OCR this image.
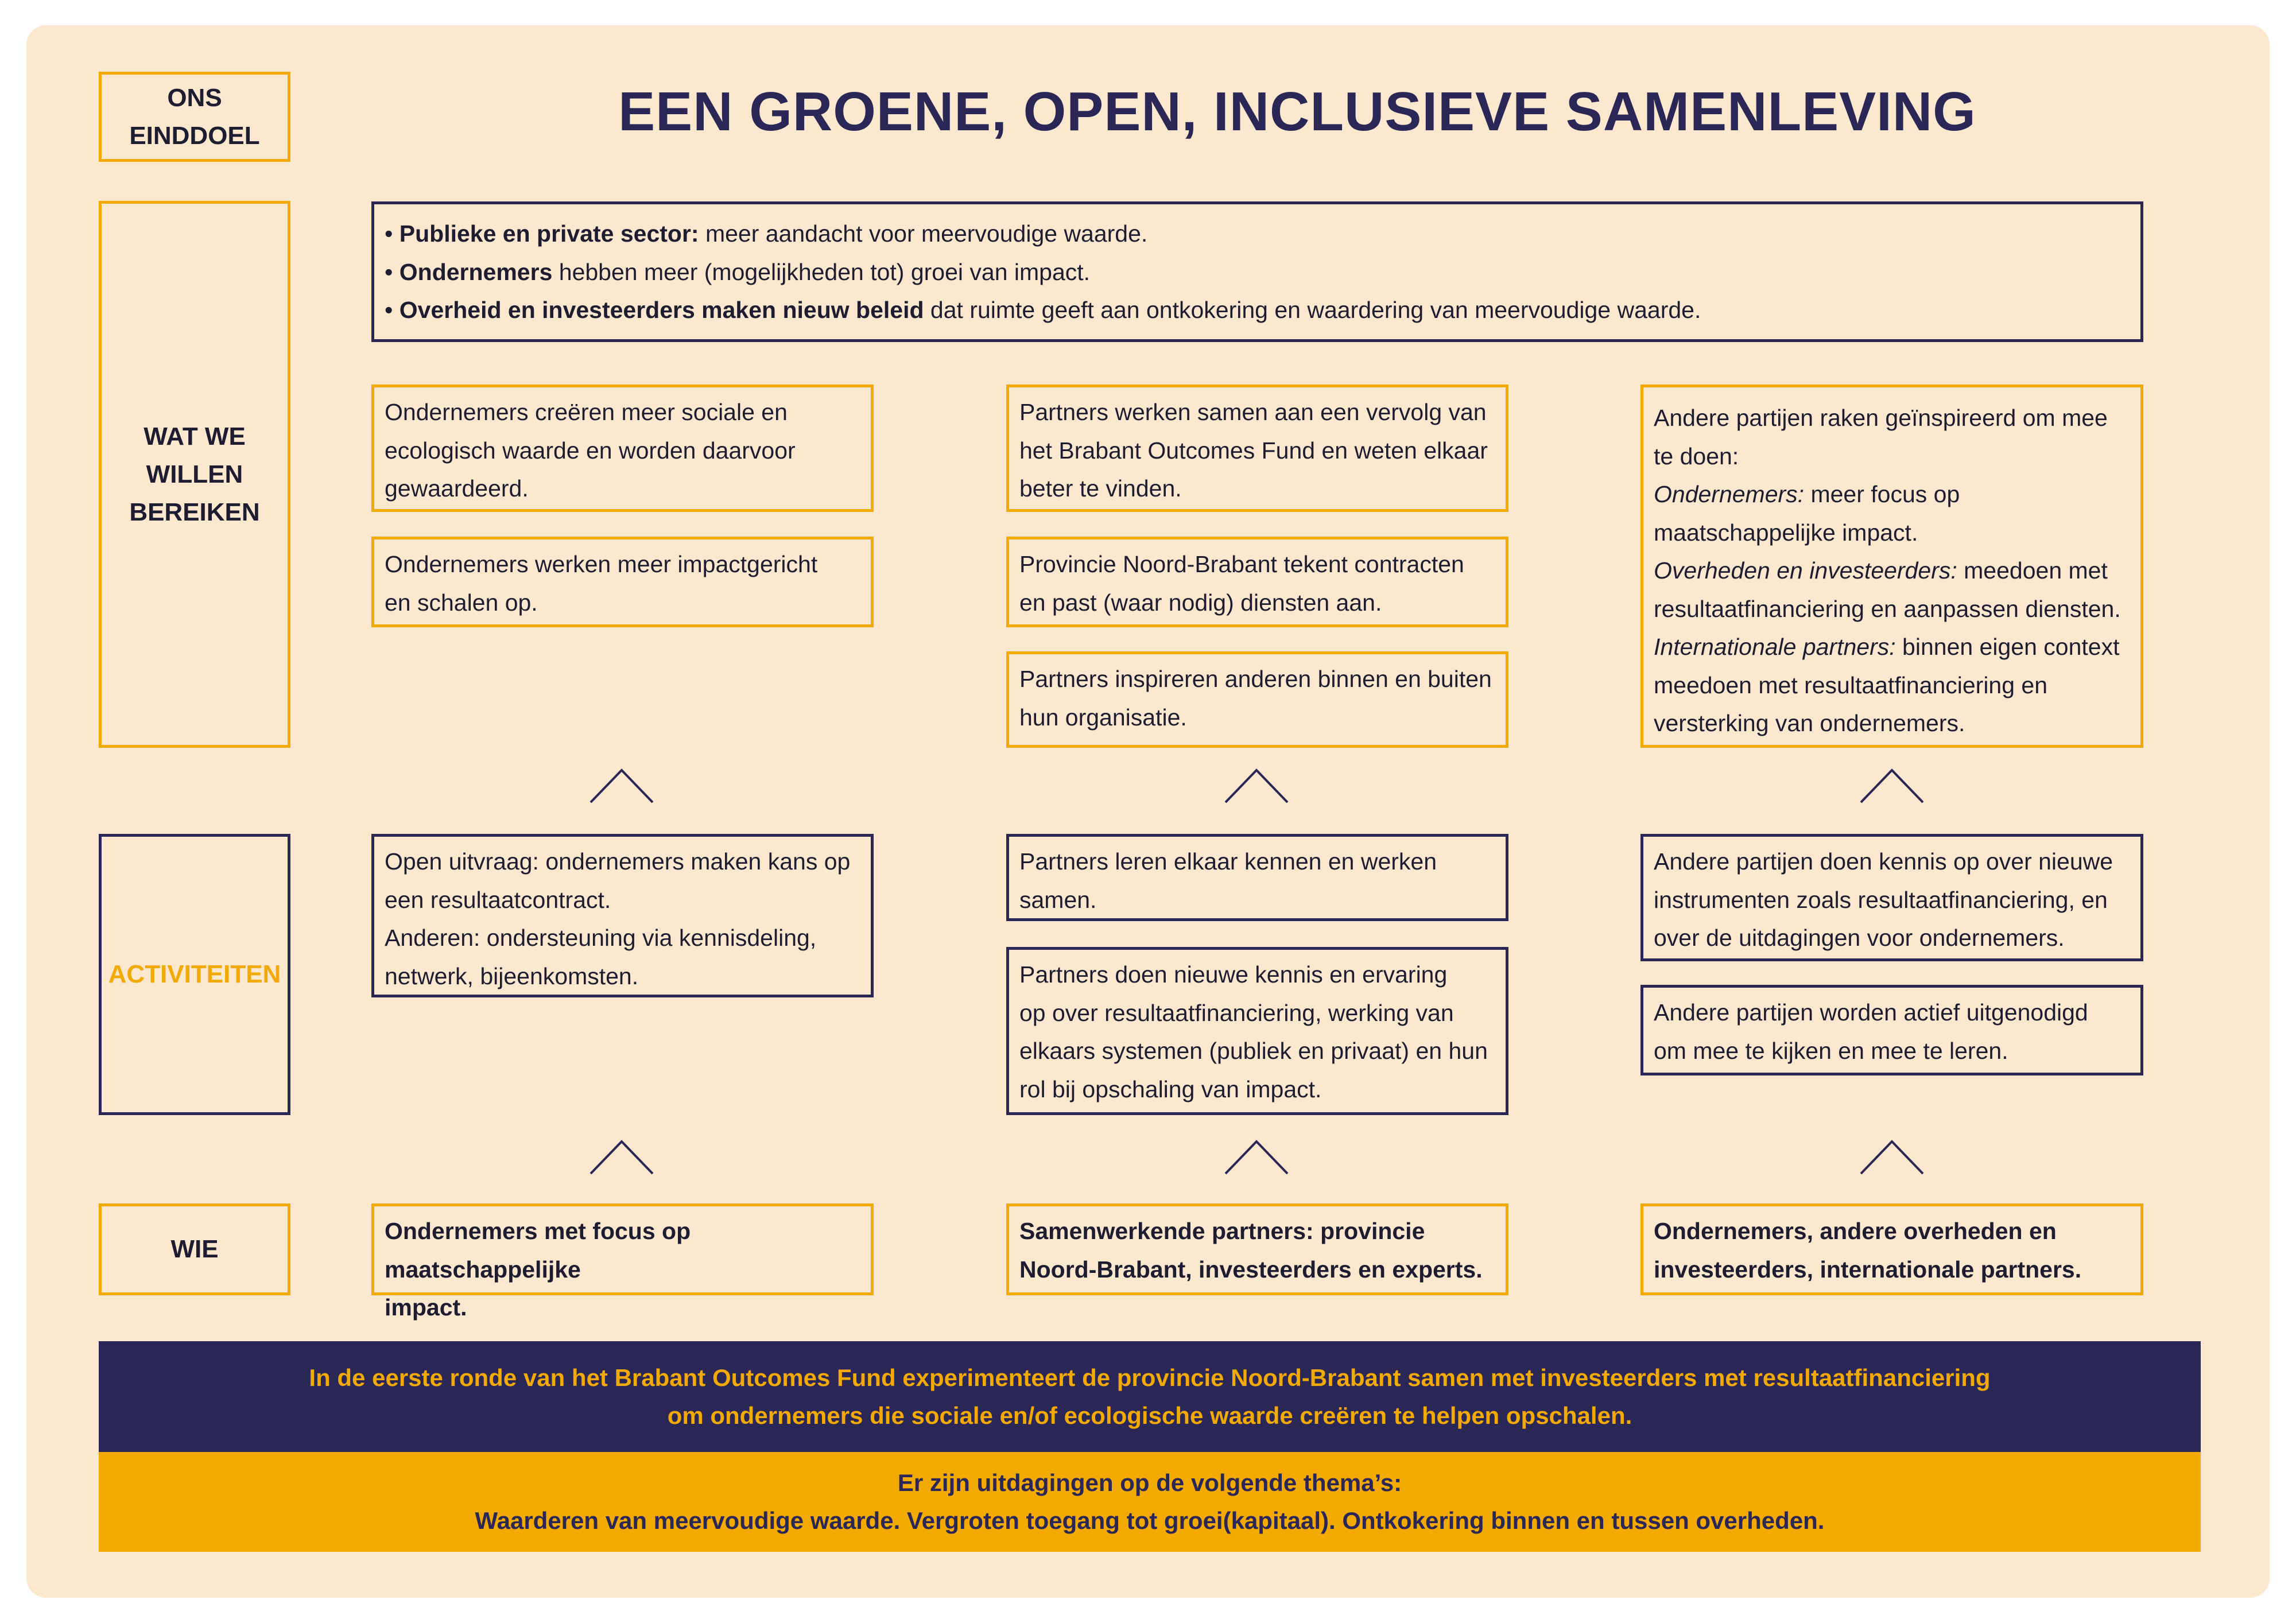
ONS
EINDDOEL
WAT WE
WILLEN
BEREIKEN
ACTIVITEITEN
WIE
EEN GROENE, OPEN, INCLUSIEVE SAMENLEVING
• Publieke en private sector: meer aandacht voor meervoudige waarde.
• Ondernemers hebben meer (mogelijkheden tot) groei van impact.
• Overheid en investeerders maken nieuw beleid dat ruimte geeft aan ontkokering en waardering van meervoudige waarde.
Ondernemers creëren meer sociale en
ecologisch waarde en worden daarvoor
gewaardeerd.
Ondernemers werken meer impactgericht
en schalen op.
Partners werken samen aan een vervolg van
het Brabant Outcomes Fund en weten elkaar
beter te vinden.
Provincie Noord-Brabant tekent contracten
en past (waar nodig) diensten aan.
Partners inspireren anderen binnen en buiten
hun organisatie.
Andere partijen raken geïnspireerd om mee
te doen:
Ondernemers: meer focus op
maatschappelijke impact.
Overheden en investeerders: meedoen met
resultaatfinanciering en aanpassen diensten.
Internationale partners: binnen eigen context
meedoen met resultaatfinanciering en
versterking van ondernemers.
Open uitvraag: ondernemers maken kans op
een resultaatcontract.
Anderen: ondersteuning via kennisdeling,
netwerk, bijeenkomsten.
Partners leren elkaar kennen en werken
samen.
Partners doen nieuwe kennis en ervaring
op over resultaatfinanciering, werking van
elkaars systemen (publiek en privaat) en hun
rol bij opschaling van impact.
Andere partijen doen kennis op over nieuwe
instrumenten zoals resultaatfinanciering, en
over de uitdagingen voor ondernemers.
Andere partijen worden actief uitgenodigd
om mee te kijken en mee te leren.
Ondernemers met focus op maatschappelijke
impact.
Samenwerkende partners: provincie
Noord-Brabant, investeerders en experts.
Ondernemers, andere overheden en
investeerders, internationale partners.
In de eerste ronde van het Brabant Outcomes Fund experimenteert de provincie Noord-Brabant samen met investeerders met resultaatfinanciering
om ondernemers die sociale en/of ecologische waarde creëren te helpen opschalen.
Er zijn uitdagingen op de volgende thema’s:
Waarderen van meervoudige waarde. Vergroten toegang tot groei(kapitaal). Ontkokering binnen en tussen overheden.
